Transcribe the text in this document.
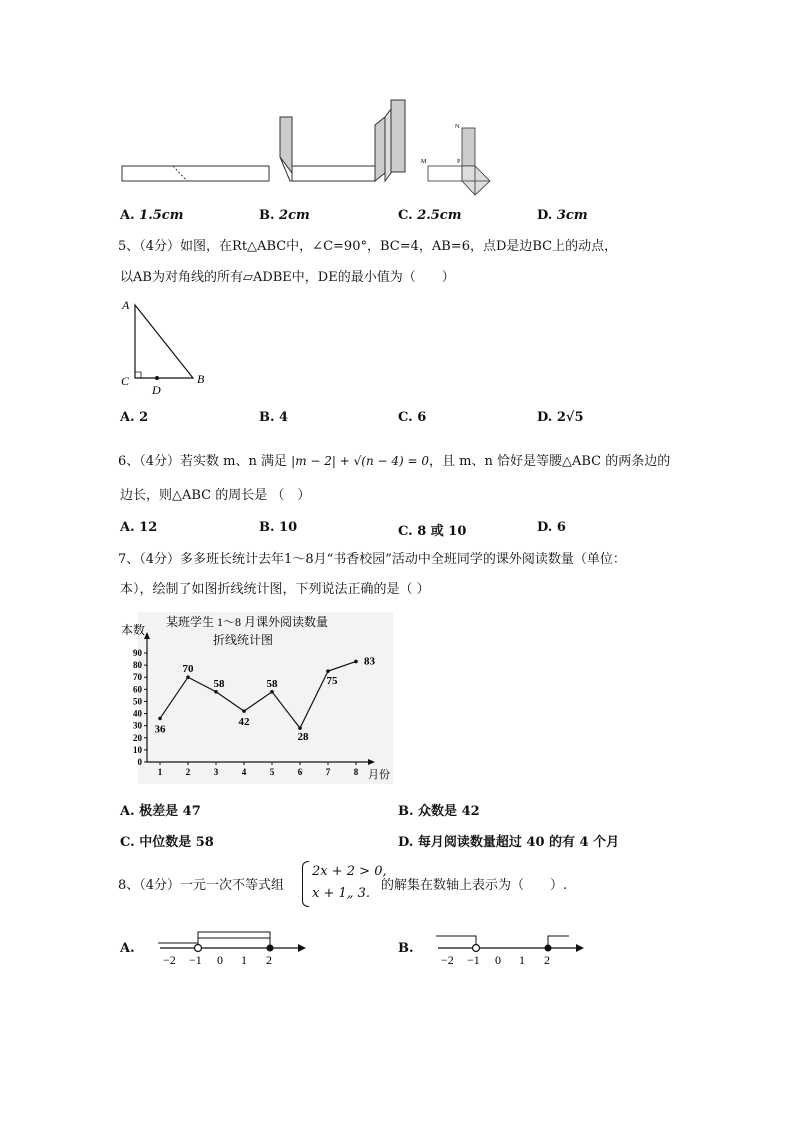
M	P
N
A. 1.5cm	B. 2cm	C. 2.5cm	D. 3cm
5、（4分）如图，在Rt△ABC中，∠C=90°，BC=4，AB=6，点D是边BC上的动点，
以AB为对角线的所有▱ADBE中，DE的最小值为（　　）
A
C	B
D
A. 2	B. 4	C. 6	D. 2√5
6、（4分）若实数 m、n 满足 |m − 2| + √(n − 4) = 0，且 m、n 恰好是等腰△ABC 的两条边的
边长，则△ABC 的周长是 （　）
A. 12	B. 10	C. 8 或 10	D. 6
7、（4分）多多班长统计去年1～8月“书香校园”活动中全班同学的课外阅读数量（单位：
本），绘制了如图折线统计图，下列说法正确的是（ ）
某班学生 1～8 月课外阅读数量
折线统计图
本数
月份
0
10
20
30
40
50
60
70
80
90
1	2	3	4	5	6	7	8
36
70
58
42
58
28
75
83
A. 极差是 47	B. 众数是 42
C. 中位数是 58	D. 每月阅读数量超过 40 的有 4 个月
8、（4分）一元一次不等式组
2x + 2 > 0,
x + 1„ 3.
的解集在数轴上表示为（　　）.
A.
−2 −1 0 1 2
B.
−2 −1 0 1 2
